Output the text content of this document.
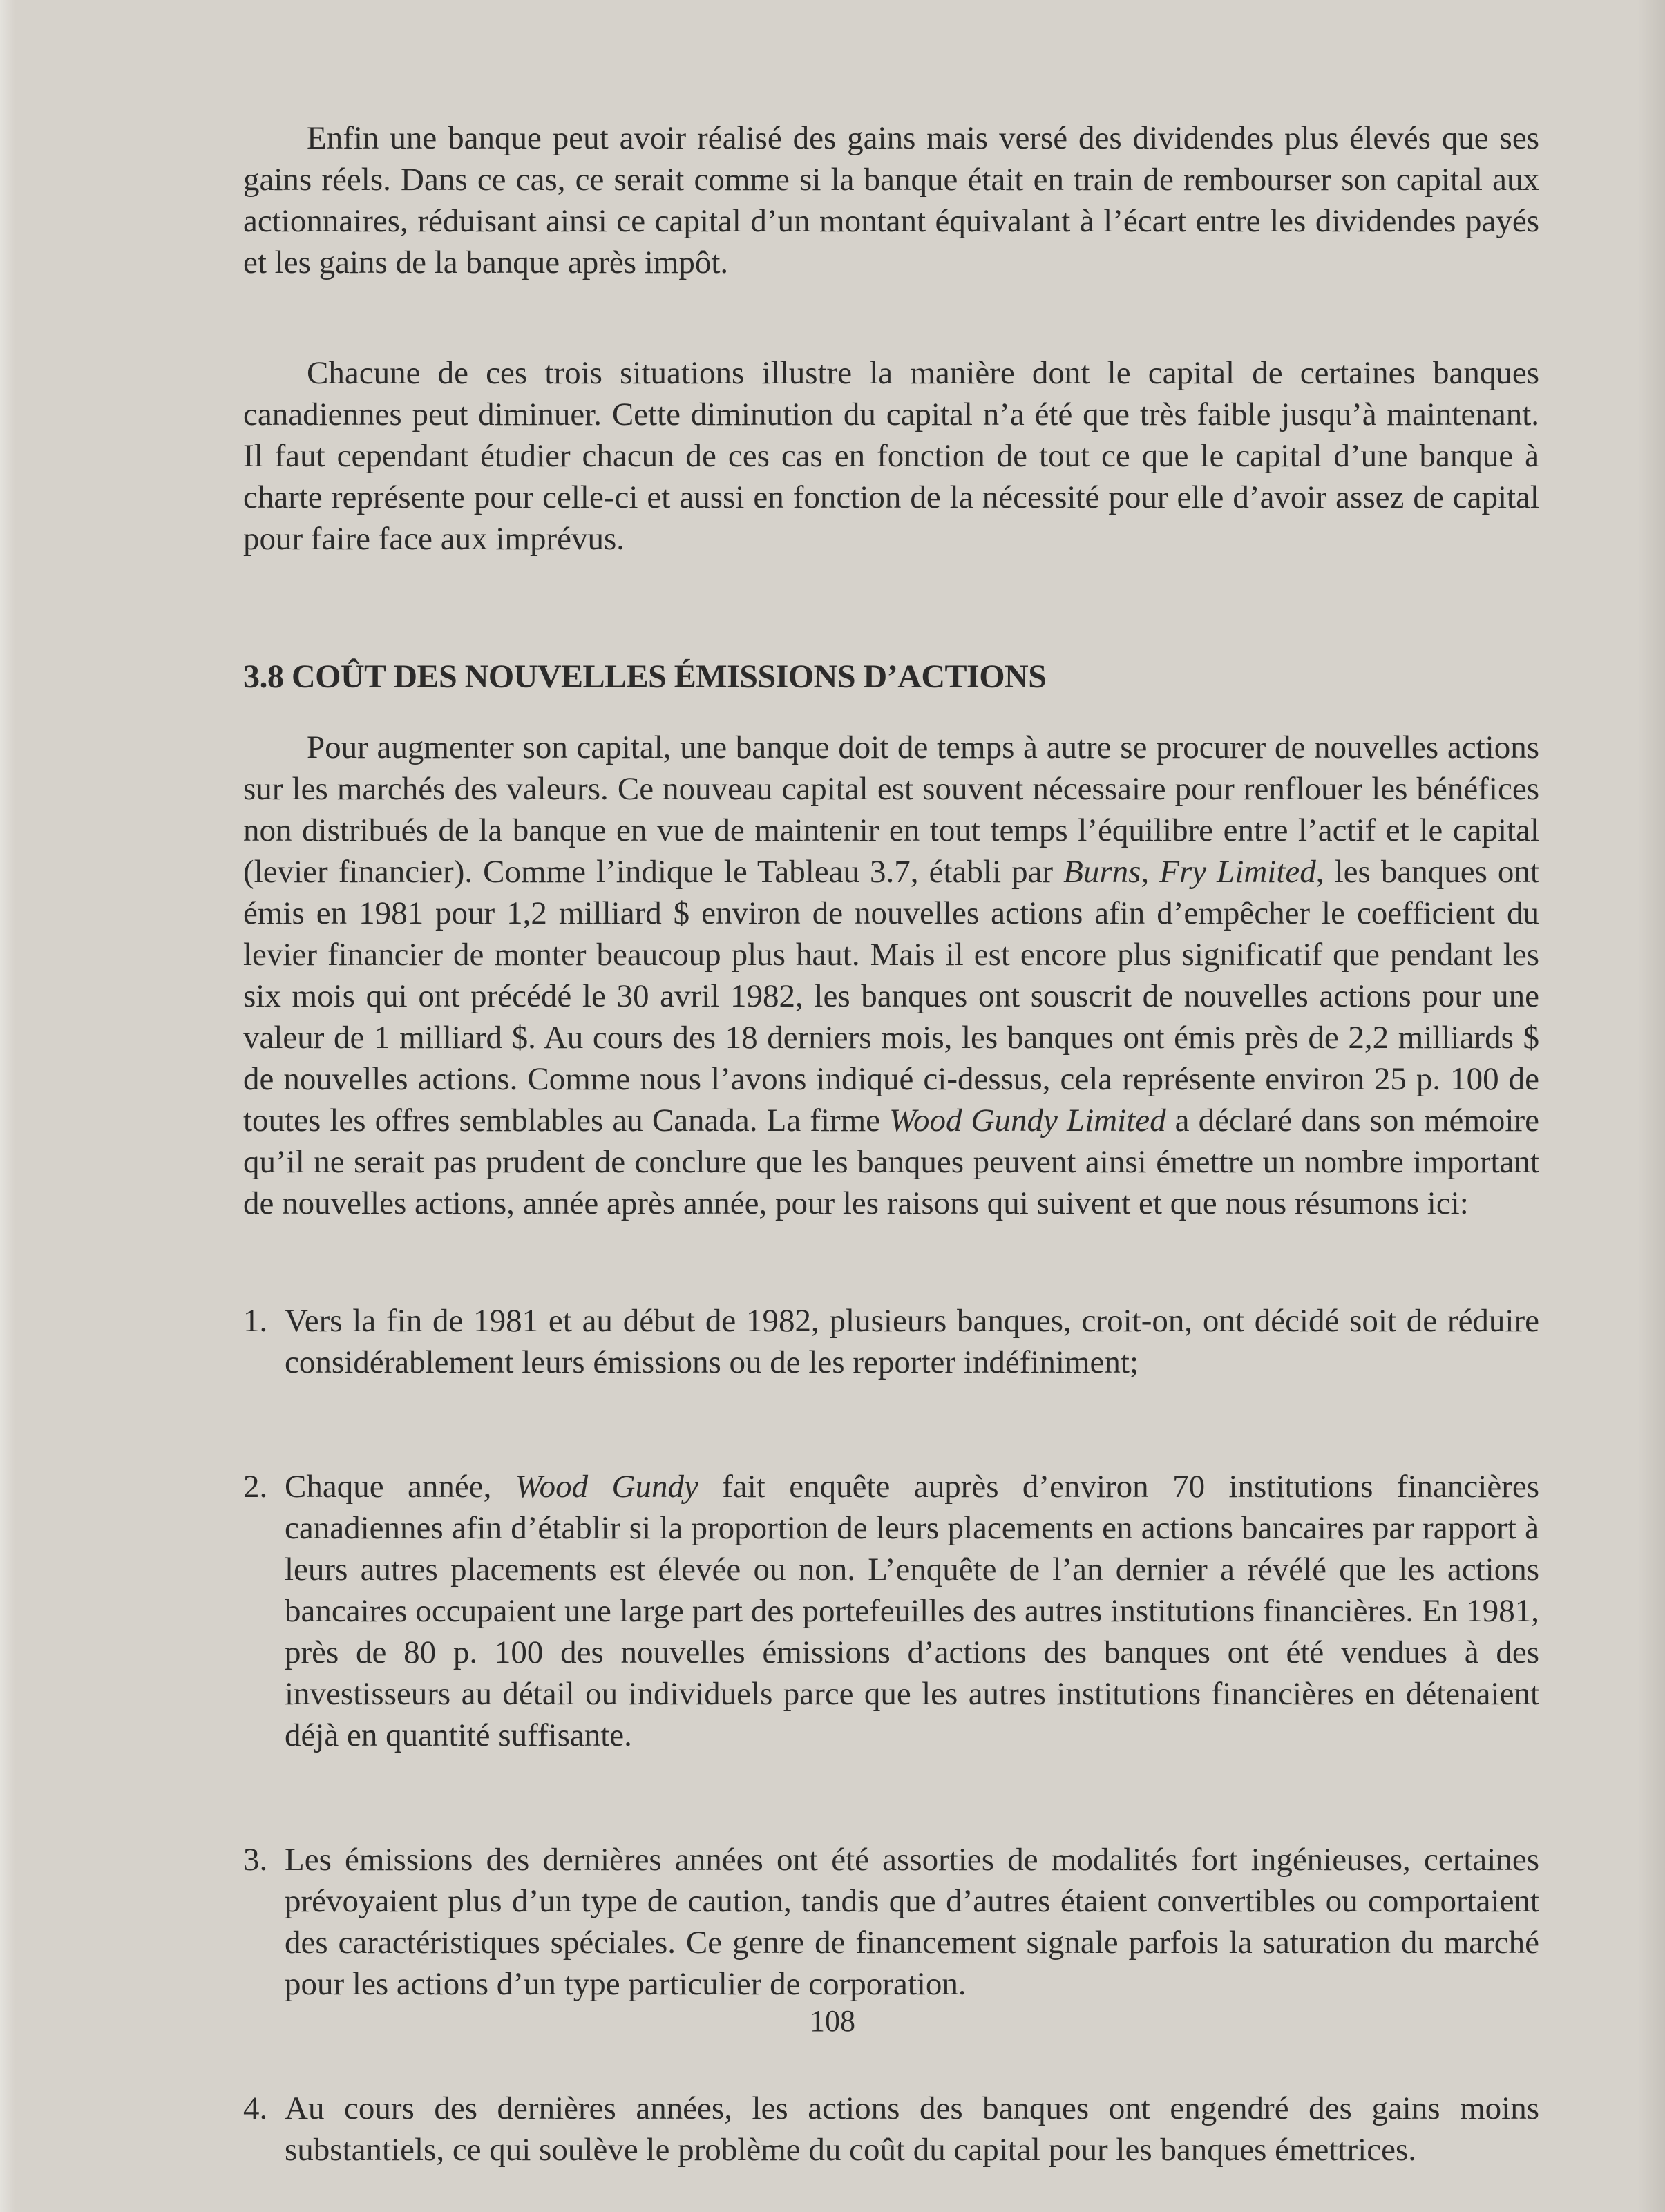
Enfin une banque peut avoir réalisé des gains mais versé des dividendes plus élevés que ses gains réels. Dans ce cas, ce serait comme si la banque était en train de rembourser son capital aux actionnaires, réduisant ainsi ce capital d’un montant équivalant à l’écart entre les dividendes payés et les gains de la banque après impôt.

Chacune de ces trois situations illustre la manière dont le capital de certaines banques canadiennes peut diminuer. Cette diminution du capital n’a été que très faible jusqu’à maintenant. Il faut cependant étudier chacun de ces cas en fonction de tout ce que le capital d’une banque à charte représente pour celle-ci et aussi en fonction de la nécessité pour elle d’avoir assez de capital pour faire face aux imprévus.

3.8 COÛT DES NOUVELLES ÉMISSIONS D’ACTIONS

Pour augmenter son capital, une banque doit de temps à autre se procurer de nouvelles actions sur les marchés des valeurs. Ce nouveau capital est souvent nécessaire pour renflouer les bénéfices non distribués de la banque en vue de maintenir en tout temps l’équilibre entre l’actif et le capital (levier financier). Comme l’indique le Tableau 3.7, établi par Burns, Fry Limited, les banques ont émis en 1981 pour 1,2 milliard $ environ de nouvelles actions afin d’empêcher le coefficient du levier financier de monter beaucoup plus haut. Mais il est encore plus significatif que pendant les six mois qui ont précédé le 30 avril 1982, les banques ont souscrit de nouvelles actions pour une valeur de 1 milliard $. Au cours des 18 derniers mois, les banques ont émis près de 2,2 milliards $ de nouvelles actions. Comme nous l’avons indiqué ci-dessus, cela représente environ 25 p. 100 de toutes les offres semblables au Canada. La firme Wood Gundy Limited a déclaré dans son mémoire qu’il ne serait pas prudent de conclure que les banques peuvent ainsi émettre un nombre important de nouvelles actions, année après année, pour les raisons qui suivent et que nous résumons ici:

1. Vers la fin de 1981 et au début de 1982, plusieurs banques, croit-on, ont décidé soit de réduire considérablement leurs émissions ou de les reporter indéfiniment;
2. Chaque année, Wood Gundy fait enquête auprès d’environ 70 institutions financières canadiennes afin d’établir si la proportion de leurs placements en actions bancaires par rapport à leurs autres placements est élevée ou non. L’enquête de l’an dernier a révélé que les actions bancaires occupaient une large part des portefeuilles des autres institutions financières. En 1981, près de 80 p. 100 des nouvelles émissions d’actions des banques ont été vendues à des investisseurs au détail ou individuels parce que les autres institutions financières en détenaient déjà en quantité suffisante.
3. Les émissions des dernières années ont été assorties de modalités fort ingénieuses, certaines prévoyaient plus d’un type de caution, tandis que d’autres étaient convertibles ou comportaient des caractéristiques spéciales. Ce genre de financement signale parfois la saturation du marché pour les actions d’un type particulier de corporation.
4. Au cours des dernières années, les actions des banques ont engendré des gains moins substantiels, ce qui soulève le problème du coût du capital pour les banques émettrices.
108
